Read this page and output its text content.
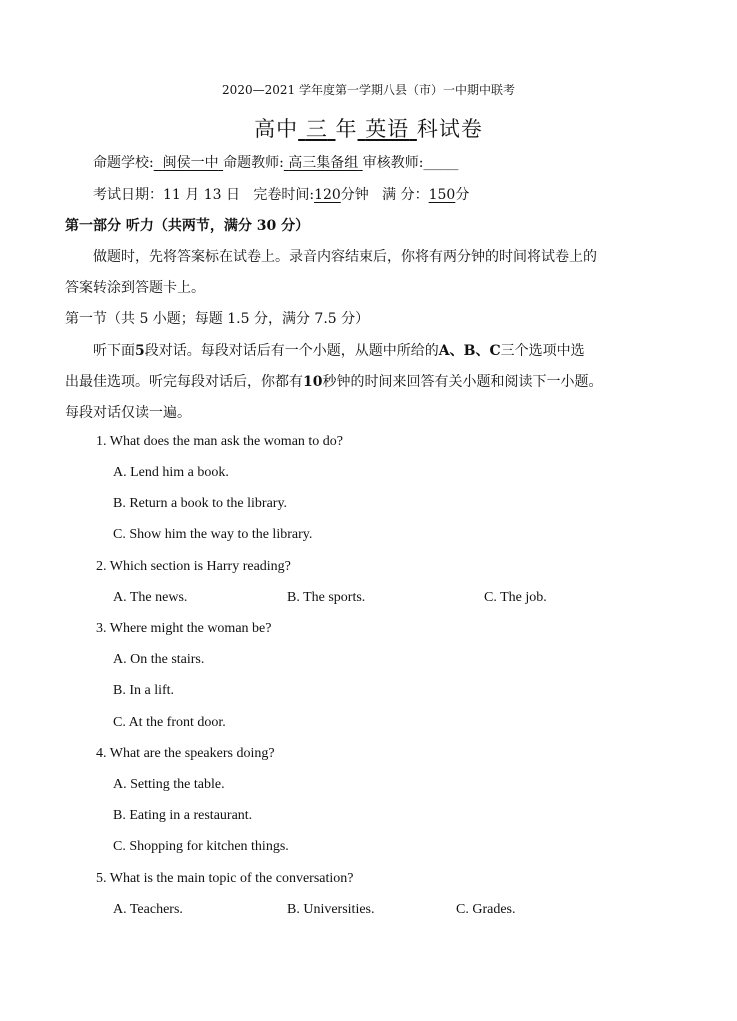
2020—2021 学年度第一学期八县（市）一中期中联考
高中 三 年 英语 科试卷
命题学校: 闽侯一中 命题教师: 高三集备组 审核教师:_____
考试日期：11 月 13 日 完卷时间:120分钟 满 分：150分
第一部分 听力（共两节，满分 30 分）
做题时，先将答案标在试卷上。录音内容结束后，你将有两分钟的时间将试卷上的
答案转涂到答题卡上。
第一节（共 5 小题；每题 1.5 分，满分 7.5 分）
听下面5段对话。每段对话后有一个小题，从题中所给的A、B、C三个选项中选
出最佳选项。听完每段对话后，你都有10秒钟的时间来回答有关小题和阅读下一小题。
每段对话仅读一遍。
1. What does the man ask the woman to do?
A. Lend him a book.
B. Return a book to the library.
C. Show him the way to the library.
2. Which section is Harry reading?
A. The news.	B. The sports.	C. The job.
3. Where might the woman be?
A. On the stairs.
B. In a lift.
C. At the front door.
4. What are the speakers doing?
A. Setting the table.
B. Eating in a restaurant.
C. Shopping for kitchen things.
5. What is the main topic of the conversation?
A. Teachers.	B. Universities.	C. Grades.
